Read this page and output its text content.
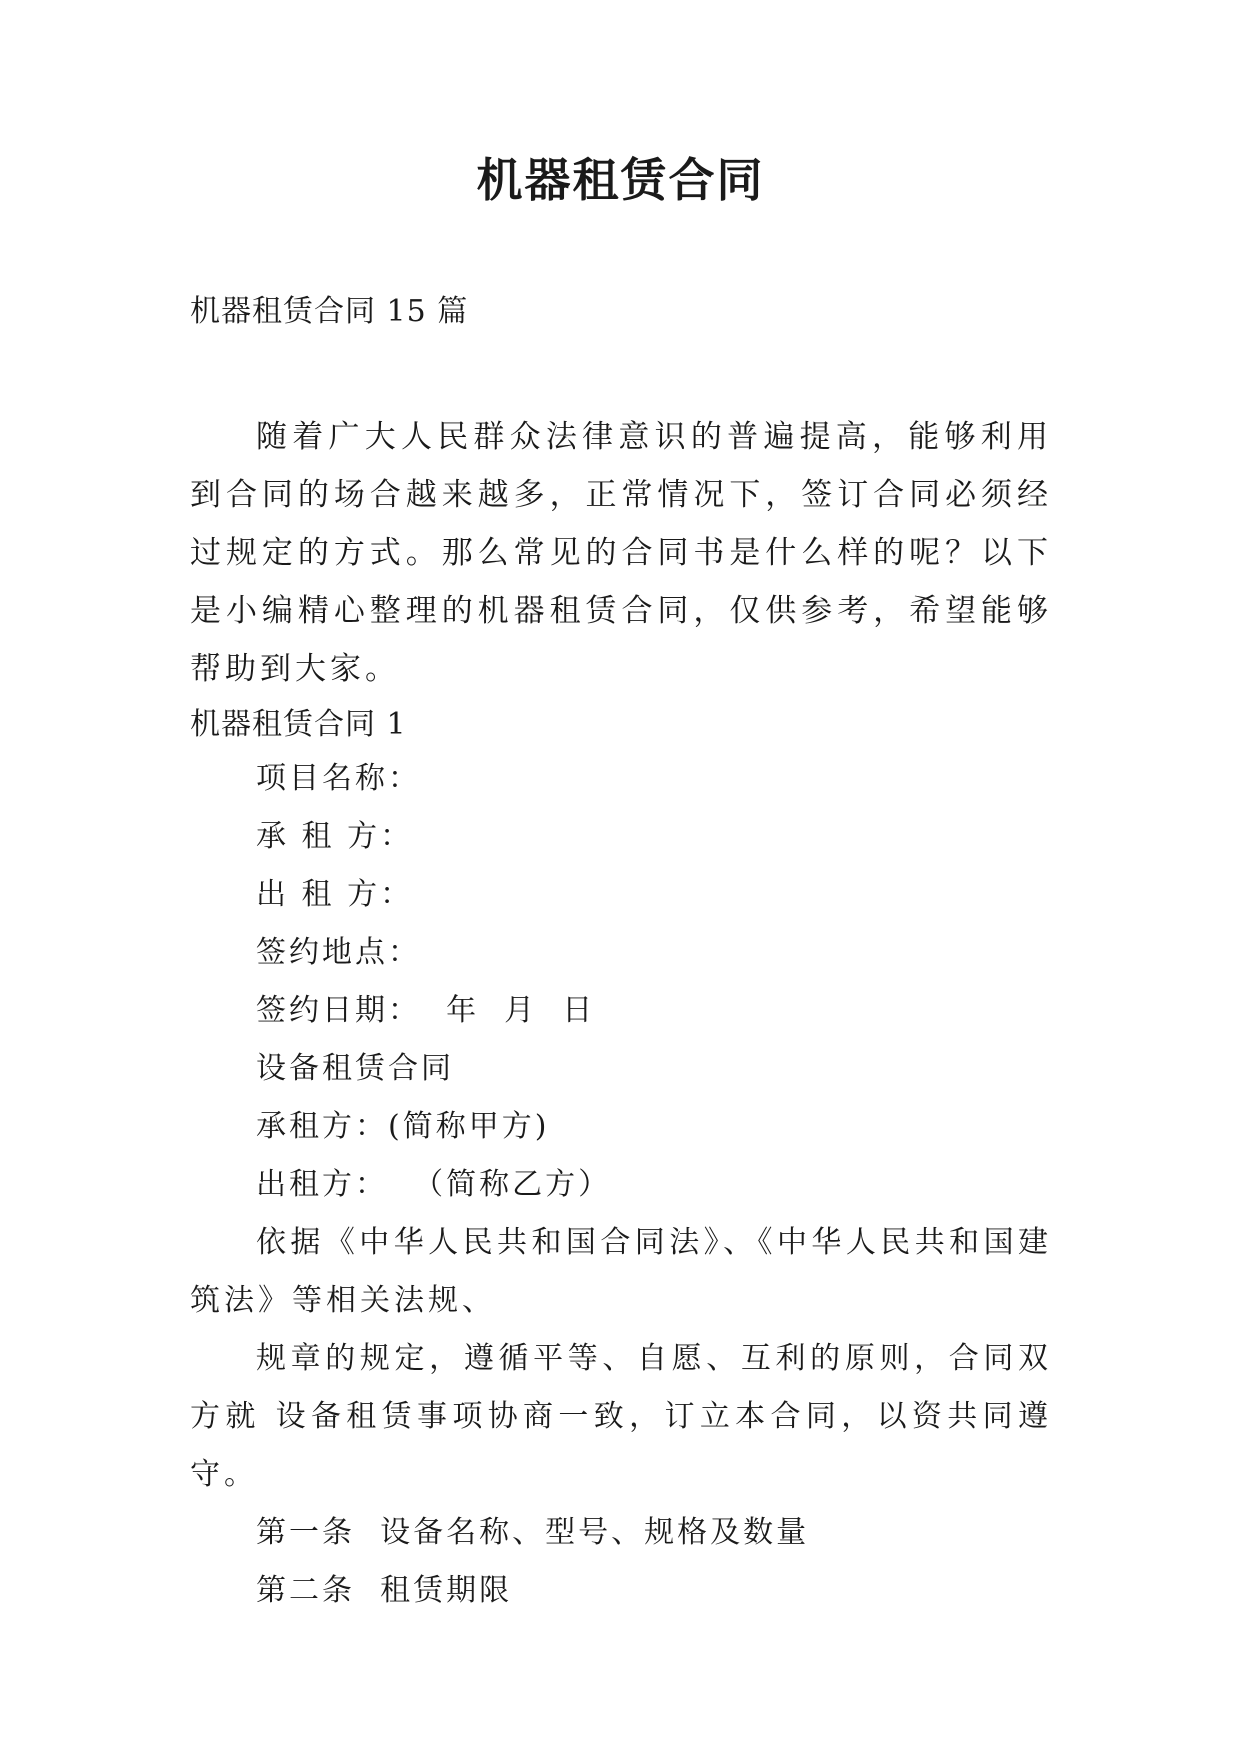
机器租赁合同
机器租赁合同 15 篇
随着广大人民群众法律意识的普遍提高，能够利用到合同的场合越来越多，正常情况下，签订合同必须经过规定的方式。那么常见的合同书是什么样的呢？以下是小编精心整理的机器租赁合同，仅供参考，希望能够帮助到大家。
机器租赁合同 1
项目名称：
承 租 方：
出 租 方：
签约地点：
签约日期：  年  月  日
设备租赁合同
承租方：(简称甲方)
出租方：  （简称乙方）
依据《中华人民共和国合同法》、《中华人民共和国建筑法》等相关法规、
规章的规定，遵循平等、自愿、互利的原则，合同双方就 设备租赁事项协商一致，订立本合同，以资共同遵守。
第一条  设备名称、型号、规格及数量
第二条  租赁期限
